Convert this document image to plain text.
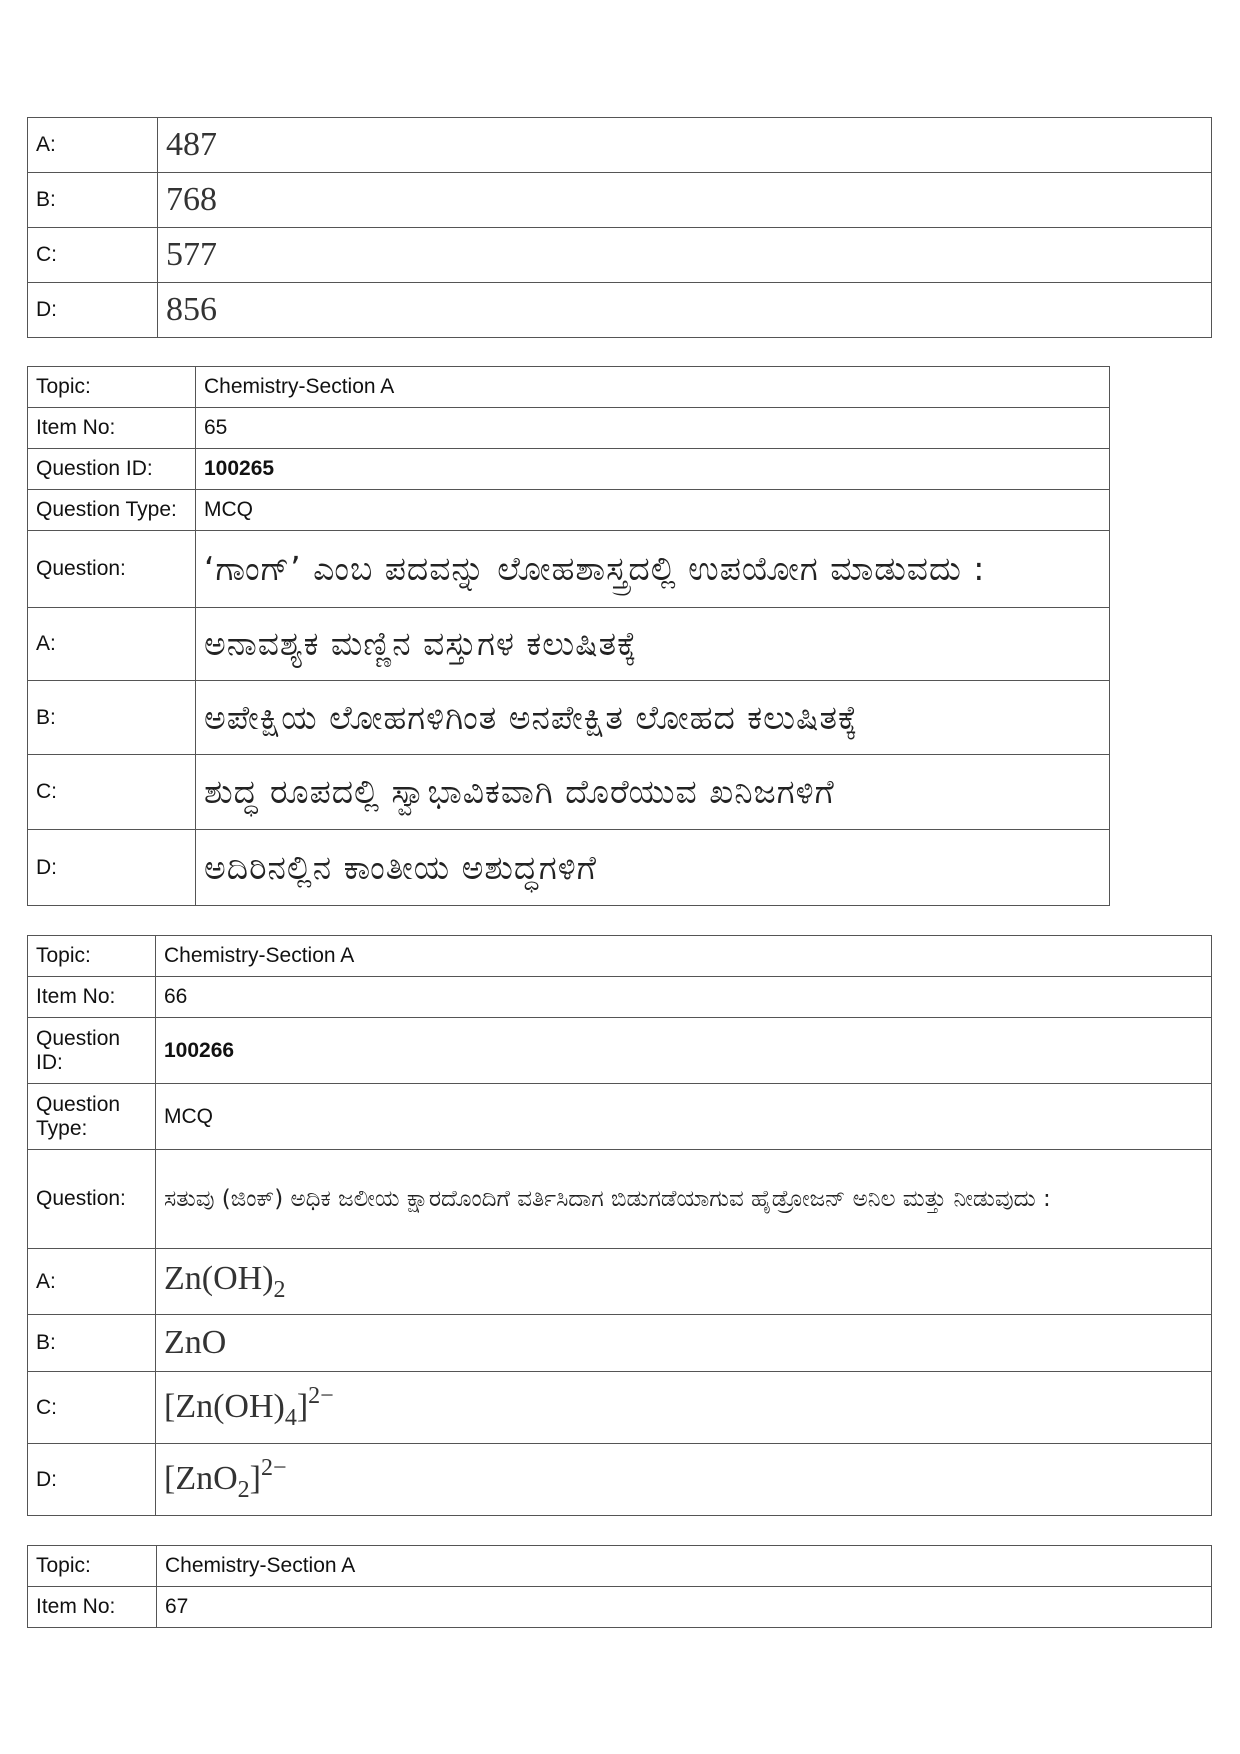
A:	487
B:	768
C:	577
D:	856
Topic:	Chemistry-Section A
Item No:	65
Question ID:	100265
Question Type:	MCQ
Question:	‘ಗಾಂಗ್’ ಎಂಬ ಪದವನ್ನು ಲೋಹಶಾಸ್ತ್ರದಲ್ಲಿ ಉಪಯೋಗ ಮಾಡುವದು :
A:	ಅನಾವಶ್ಯಕ ಮಣ್ಣಿನ ವಸ್ತುಗಳ ಕಲುಷಿತಕ್ಕೆ
B:	ಅಪೇಕ್ಷಿಯ ಲೋಹಗಳಿಗಿಂತ ಅನಪೇಕ್ಷಿತ ಲೋಹದ ಕಲುಷಿತಕ್ಕೆ
C:	ಶುದ್ಧ ರೂಪದಲ್ಲಿ ಸ್ವಾಭಾವಿಕವಾಗಿ ದೊರೆಯುವ ಖನಿಜಗಳಿಗೆ
D:	ಅದಿರಿನಲ್ಲಿನ ಕಾಂತೀಯ ಅಶುದ್ಧಗಳಿಗೆ
Topic:	Chemistry-Section A
Item No:	66
Question ID:	100266
Question Type:	MCQ
Question:	ಸತುವು (ಜಿಂಕ್) ಅಧಿಕ ಜಲೀಯ ಕ್ಷಾರದೊಂದಿಗೆ ವರ್ತಿಸಿದಾಗ ಬಿಡುಗಡೆಯಾಗುವ ಹೈಡ್ರೋಜನ್ ಅನಿಲ ಮತ್ತು ನೀಡುವುದು :
A:	$Zn(OH)_2$
B:	ZnO
C:	$[Zn(OH)_4]^{2-}$
D:	$[ZnO_2]^{2-}$
Topic:	Chemistry-Section A
Item No:	67
